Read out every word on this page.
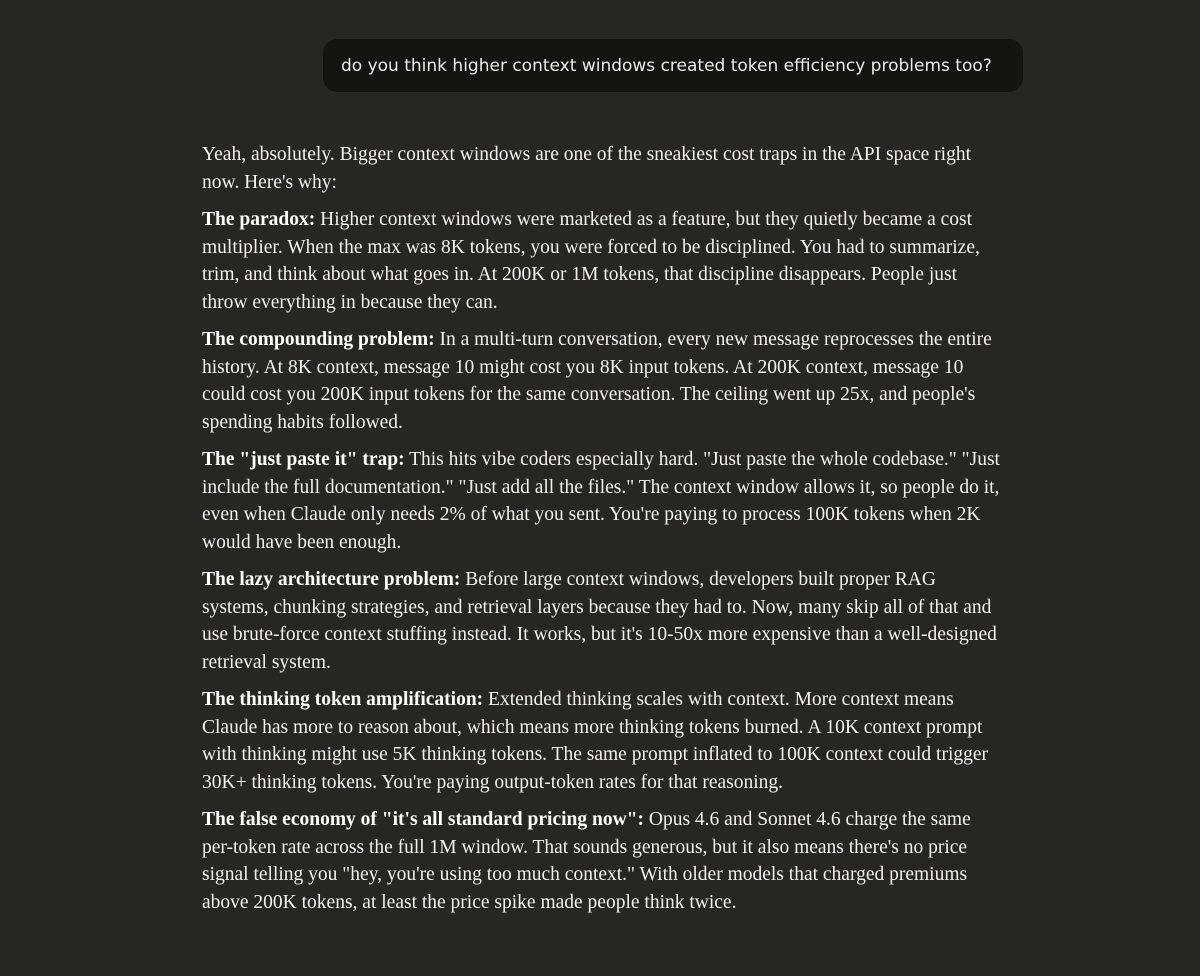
do you think higher context windows created token efficiency problems too?

Yeah, absolutely. Bigger context windows are one of the sneakiest cost traps in the API space right now. Here's why:

The paradox: Higher context windows were marketed as a feature, but they quietly became a cost multiplier. When the max was 8K tokens, you were forced to be disciplined. You had to summarize, trim, and think about what goes in. At 200K or 1M tokens, that discipline disappears. People just throw everything in because they can.

The compounding problem: In a multi-turn conversation, every new message reprocesses the entire history. At 8K context, message 10 might cost you 8K input tokens. At 200K context, message 10 could cost you 200K input tokens for the same conversation. The ceiling went up 25x, and people's spending habits followed.

The "just paste it" trap: This hits vibe coders especially hard. "Just paste the whole codebase." "Just include the full documentation." "Just add all the files." The context window allows it, so people do it, even when Claude only needs 2% of what you sent. You're paying to process 100K tokens when 2K would have been enough.

The lazy architecture problem: Before large context windows, developers built proper RAG systems, chunking strategies, and retrieval layers because they had to. Now, many skip all of that and use brute-force context stuffing instead. It works, but it's 10-50x more expensive than a well-designed retrieval system.

The thinking token amplification: Extended thinking scales with context. More context means Claude has more to reason about, which means more thinking tokens burned. A 10K context prompt with thinking might use 5K thinking tokens. The same prompt inflated to 100K context could trigger 30K+ thinking tokens. You're paying output-token rates for that reasoning.

The false economy of "it's all standard pricing now": Opus 4.6 and Sonnet 4.6 charge the same per-token rate across the full 1M window. That sounds generous, but it also means there's no price signal telling you "hey, you're using too much context." With older models that charged premiums above 200K tokens, at least the price spike made people think twice.
